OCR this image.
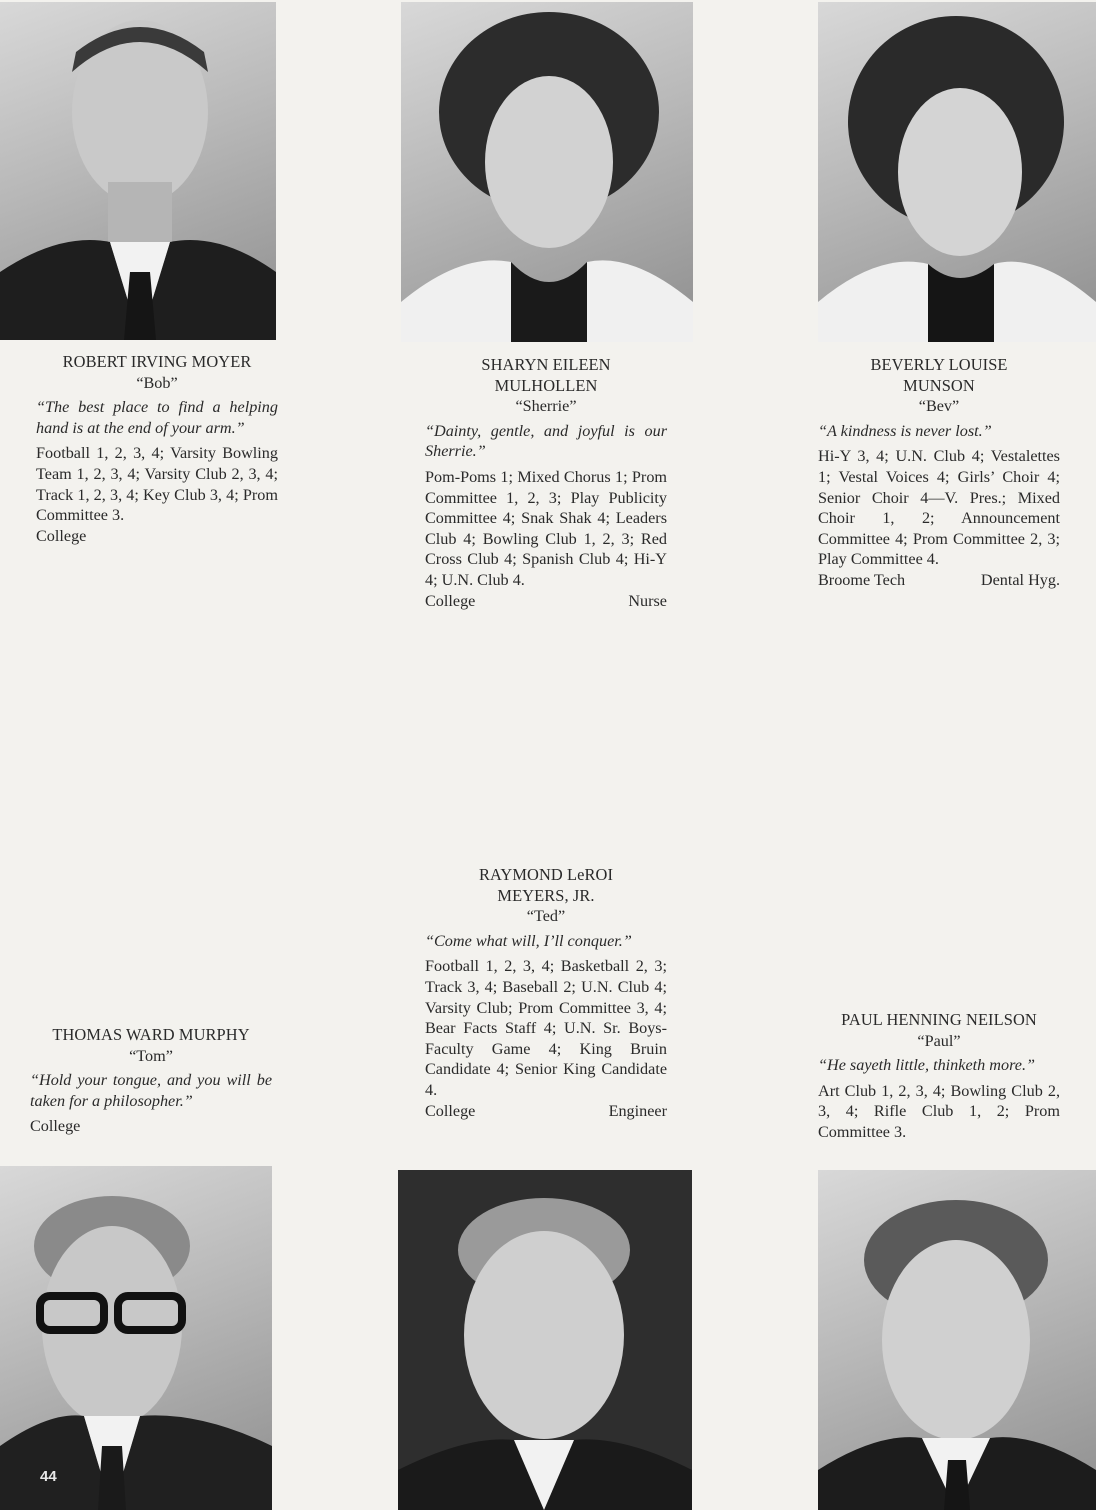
ROBERT IRVING MOYER
“Bob”
“The best place to find a helping hand is at the end of your arm.”
Football 1, 2, 3, 4; Varsity Bowling Team 1, 2, 3, 4; Varsity Club 2, 3, 4; Track 1, 2, 3, 4; Key Club 3, 4; Prom Committee 3.
College
SHARYN EILEEN
MULHOLLEN
“Sherrie”
“Dainty, gentle, and joyful is our Sherrie.”
Pom-Poms 1; Mixed Chorus 1; Prom Committee 1, 2, 3; Play Publicity Committee 4; Snak Shak 4; Leaders Club 4; Bowling Club 1, 2, 3; Red Cross Club 4; Spanish Club 4; Hi-Y 4; U.N. Club 4.
College	Nurse
BEVERLY LOUISE
MUNSON
“Bev”
“A kindness is never lost.”
Hi-Y 3, 4; U.N. Club 4; Vestalettes 1; Vestal Voices 4; Girls’ Choir 4; Senior Choir 4—V. Pres.; Mixed Choir 1, 2; Announcement Committee 4; Prom Committee 2, 3; Play Committee 4.
Broome Tech	Dental Hyg.
THOMAS WARD MURPHY
“Tom”
“Hold your tongue, and you will be taken for a philosopher.”
College
RAYMOND LeROI
MEYERS, JR.
“Ted”
“Come what will, I’ll conquer.”
Football 1, 2, 3, 4; Basketball 2, 3; Track 3, 4; Baseball 2; U.N. Club 4; Varsity Club; Prom Committee 3, 4; Bear Facts Staff 4; U.N. Sr. Boys-Faculty Game 4; King Bruin Candidate 4; Senior King Candidate 4.
College	Engineer
PAUL HENNING NEILSON
“Paul”
“He sayeth little, thinketh more.”
Art Club 1, 2, 3, 4; Bowling Club 2, 3, 4; Rifle Club 1, 2; Prom Committee 3.
44
